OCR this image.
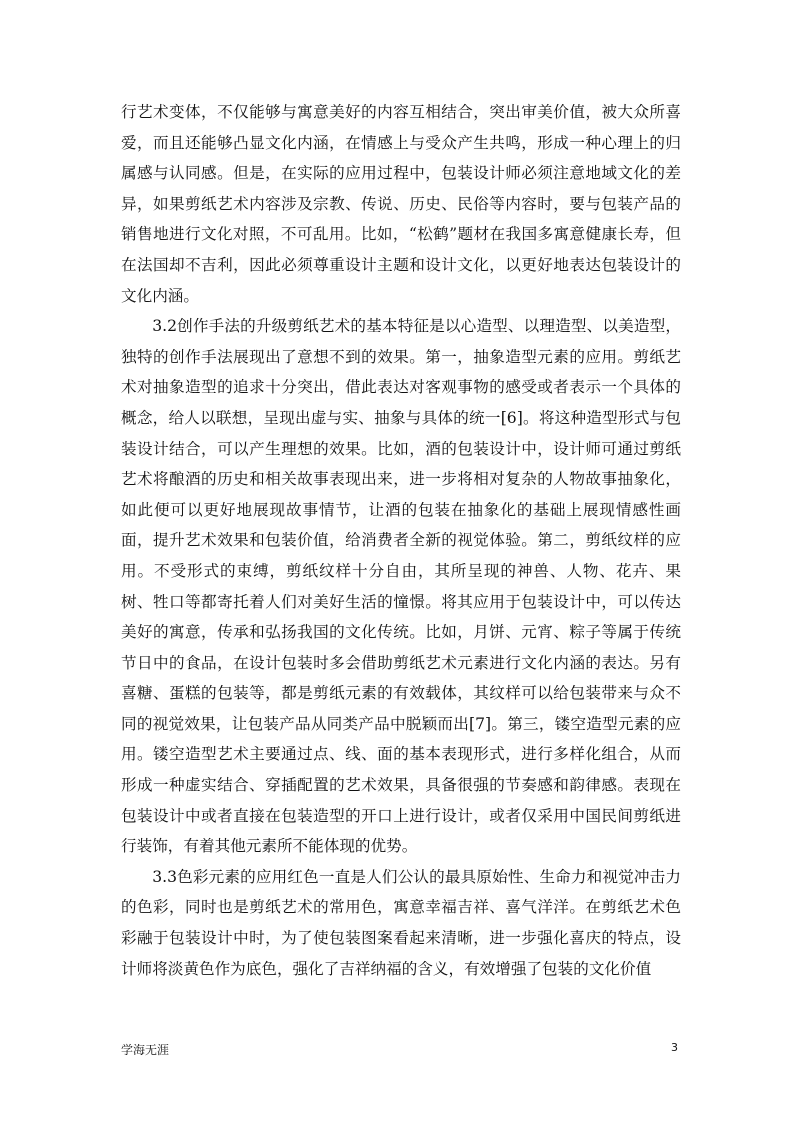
行艺术变体，不仅能够与寓意美好的内容互相结合，突出审美价值，被大众所喜爱，而且还能够凸显文化内涵，在情感上与受众产生共鸣，形成一种心理上的归属感与认同感。但是，在实际的应用过程中，包装设计师必须注意地域文化的差异，如果剪纸艺术内容涉及宗教、传说、历史、民俗等内容时，要与包装产品的销售地进行文化对照，不可乱用。比如，“松鹤”题材在我国多寓意健康长寿，但在法国却不吉利，因此必须尊重设计主题和设计文化，以更好地表达包装设计的文化内涵。

3.2创作手法的升级剪纸艺术的基本特征是以心造型、以理造型、以美造型，独特的创作手法展现出了意想不到的效果。第一，抽象造型元素的应用。剪纸艺术对抽象造型的追求十分突出，借此表达对客观事物的感受或者表示一个具体的概念，给人以联想，呈现出虚与实、抽象与具体的统一[6]。将这种造型形式与包装设计结合，可以产生理想的效果。比如，酒的包装设计中，设计师可通过剪纸艺术将酿酒的历史和相关故事表现出来，进一步将相对复杂的人物故事抽象化，如此便可以更好地展现故事情节，让酒的包装在抽象化的基础上展现情感性画面，提升艺术效果和包装价值，给消费者全新的视觉体验。第二，剪纸纹样的应用。不受形式的束缚，剪纸纹样十分自由，其所呈现的神兽、人物、花卉、果树、牲口等都寄托着人们对美好生活的憧憬。将其应用于包装设计中，可以传达美好的寓意，传承和弘扬我国的文化传统。比如，月饼、元宵、粽子等属于传统节日中的食品，在设计包装时多会借助剪纸艺术元素进行文化内涵的表达。另有喜糖、蛋糕的包装等，都是剪纸元素的有效载体，其纹样可以给包装带来与众不同的视觉效果，让包装产品从同类产品中脱颖而出[7]。第三，镂空造型元素的应用。镂空造型艺术主要通过点、线、面的基本表现形式，进行多样化组合，从而形成一种虚实结合、穿插配置的艺术效果，具备很强的节奏感和韵律感。表现在包装设计中或者直接在包装造型的开口上进行设计，或者仅采用中国民间剪纸进行装饰，有着其他元素所不能体现的优势。

3.3色彩元素的应用红色一直是人们公认的最具原始性、生命力和视觉冲击力的色彩，同时也是剪纸艺术的常用色，寓意幸福吉祥、喜气洋洋。在剪纸艺术色彩融于包装设计中时，为了使包装图案看起来清晰，进一步强化喜庆的特点，设计师将淡黄色作为底色，强化了吉祥纳福的含义，有效增强了包装的文化价值

学海无涯	3
